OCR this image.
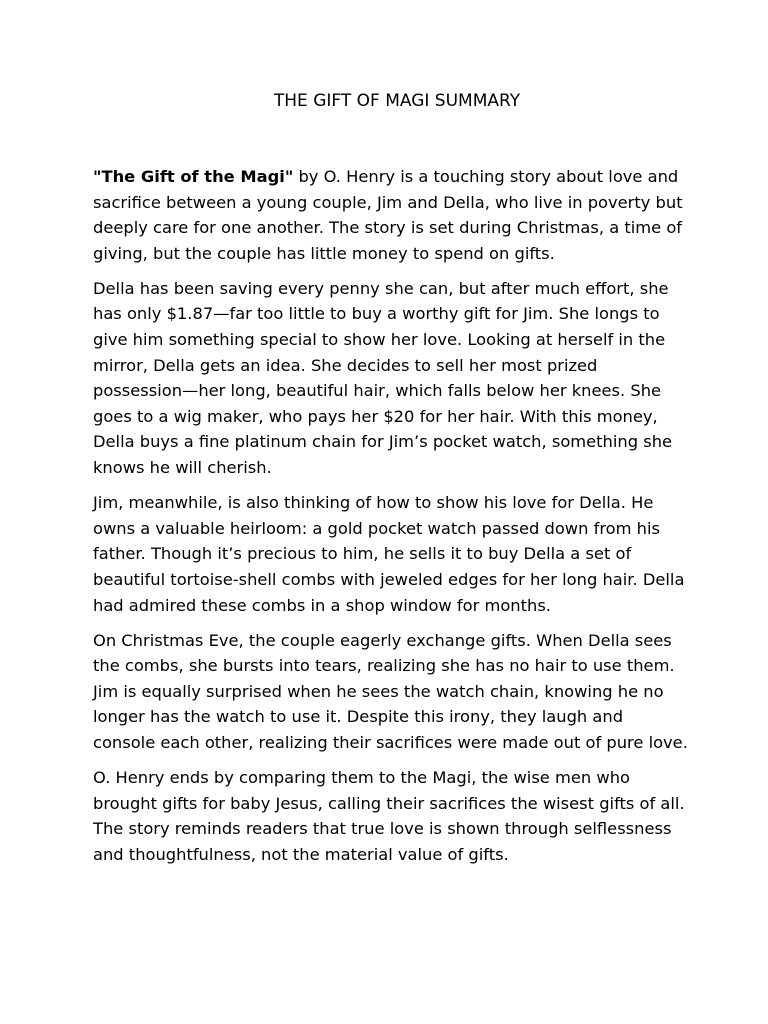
THE GIFT OF MAGI SUMMARY

"The Gift of the Magi" by O. Henry is a touching story about love and sacrifice between a young couple, Jim and Della, who live in poverty but deeply care for one another. The story is set during Christmas, a time of giving, but the couple has little money to spend on gifts.

Della has been saving every penny she can, but after much effort, she has only $1.87—far too little to buy a worthy gift for Jim. She longs to give him something special to show her love. Looking at herself in the mirror, Della gets an idea. She decides to sell her most prized possession—her long, beautiful hair, which falls below her knees. She goes to a wig maker, who pays her $20 for her hair. With this money, Della buys a fine platinum chain for Jim’s pocket watch, something she knows he will cherish.

Jim, meanwhile, is also thinking of how to show his love for Della. He owns a valuable heirloom: a gold pocket watch passed down from his father. Though it’s precious to him, he sells it to buy Della a set of beautiful tortoise-shell combs with jeweled edges for her long hair. Della had admired these combs in a shop window for months.

On Christmas Eve, the couple eagerly exchange gifts. When Della sees the combs, she bursts into tears, realizing she has no hair to use them. Jim is equally surprised when he sees the watch chain, knowing he no longer has the watch to use it. Despite this irony, they laugh and console each other, realizing their sacrifices were made out of pure love.

O. Henry ends by comparing them to the Magi, the wise men who brought gifts for baby Jesus, calling their sacrifices the wisest gifts of all. The story reminds readers that true love is shown through selflessness and thoughtfulness, not the material value of gifts.
